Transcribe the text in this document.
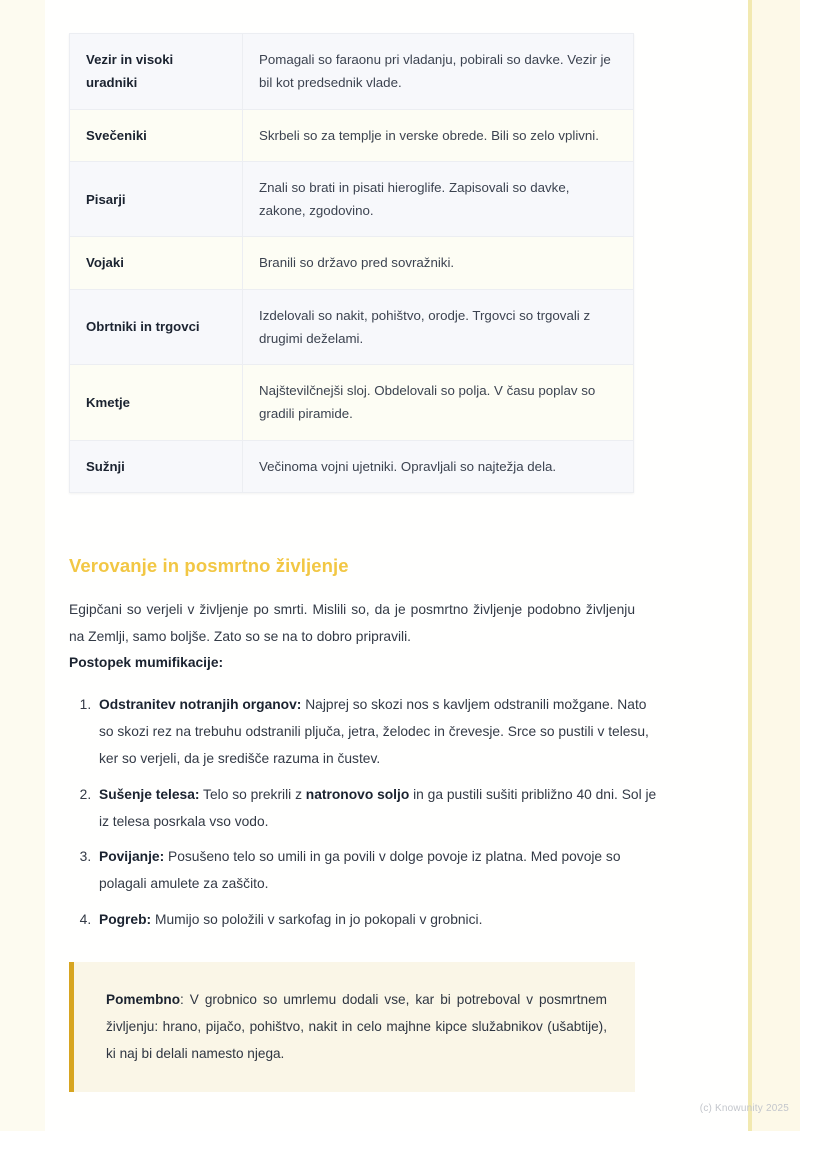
Vezir in visoki uradniki	Pomagali so faraonu pri vladanju, pobirali so davke. Vezir je bil kot predsednik vlade.
Svečeniki	Skrbeli so za templje in verske obrede. Bili so zelo vplivni.
Pisarji	Znali so brati in pisati hieroglife. Zapisovali so davke, zakone, zgodovino.
Vojaki	Branili so državo pred sovražniki.
Obrtniki in trgovci	Izdelovali so nakit, pohištvo, orodje. Trgovci so trgovali z drugimi deželami.
Kmetje	Najštevilčnejši sloj. Obdelovali so polja. V času poplav so gradili piramide.
Sužnji	Večinoma vojni ujetniki. Opravljali so najtežja dela.
Verovanje in posmrtno življenje

Egipčani so verjeli v življenje po smrti. Mislili so, da je posmrtno življenje podobno življenju na Zemlji, samo boljše. Zato so se na to dobro pripravili.

Postopek mumifikacije:
1. Odstranitev notranjih organov: Najprej so skozi nos s kavljem odstranili možgane. Nato so skozi rez na trebuhu odstranili pljuča, jetra, želodec in črevesje. Srce so pustili v telesu, ker so verjeli, da je središče razuma in čustev.
2. Sušenje telesa: Telo so prekrili z natronovo soljo in ga pustili sušiti približno 40 dni. Sol je iz telesa posrkala vso vodo.
3. Povijanje: Posušeno telo so umili in ga povili v dolge povoje iz platna. Med povoje so polagali amulete za zaščito.
4. Pogreb: Mumijo so položili v sarkofag in jo pokopali v grobnici.

Pomembno: V grobnico so umrlemu dodali vse, kar bi potreboval v posmrtnem življenju: hrano, pijačo, pohištvo, nakit in celo majhne kipce služabnikov (ušabtije), ki naj bi delali namesto njega.

(c) Knowunity 2025
